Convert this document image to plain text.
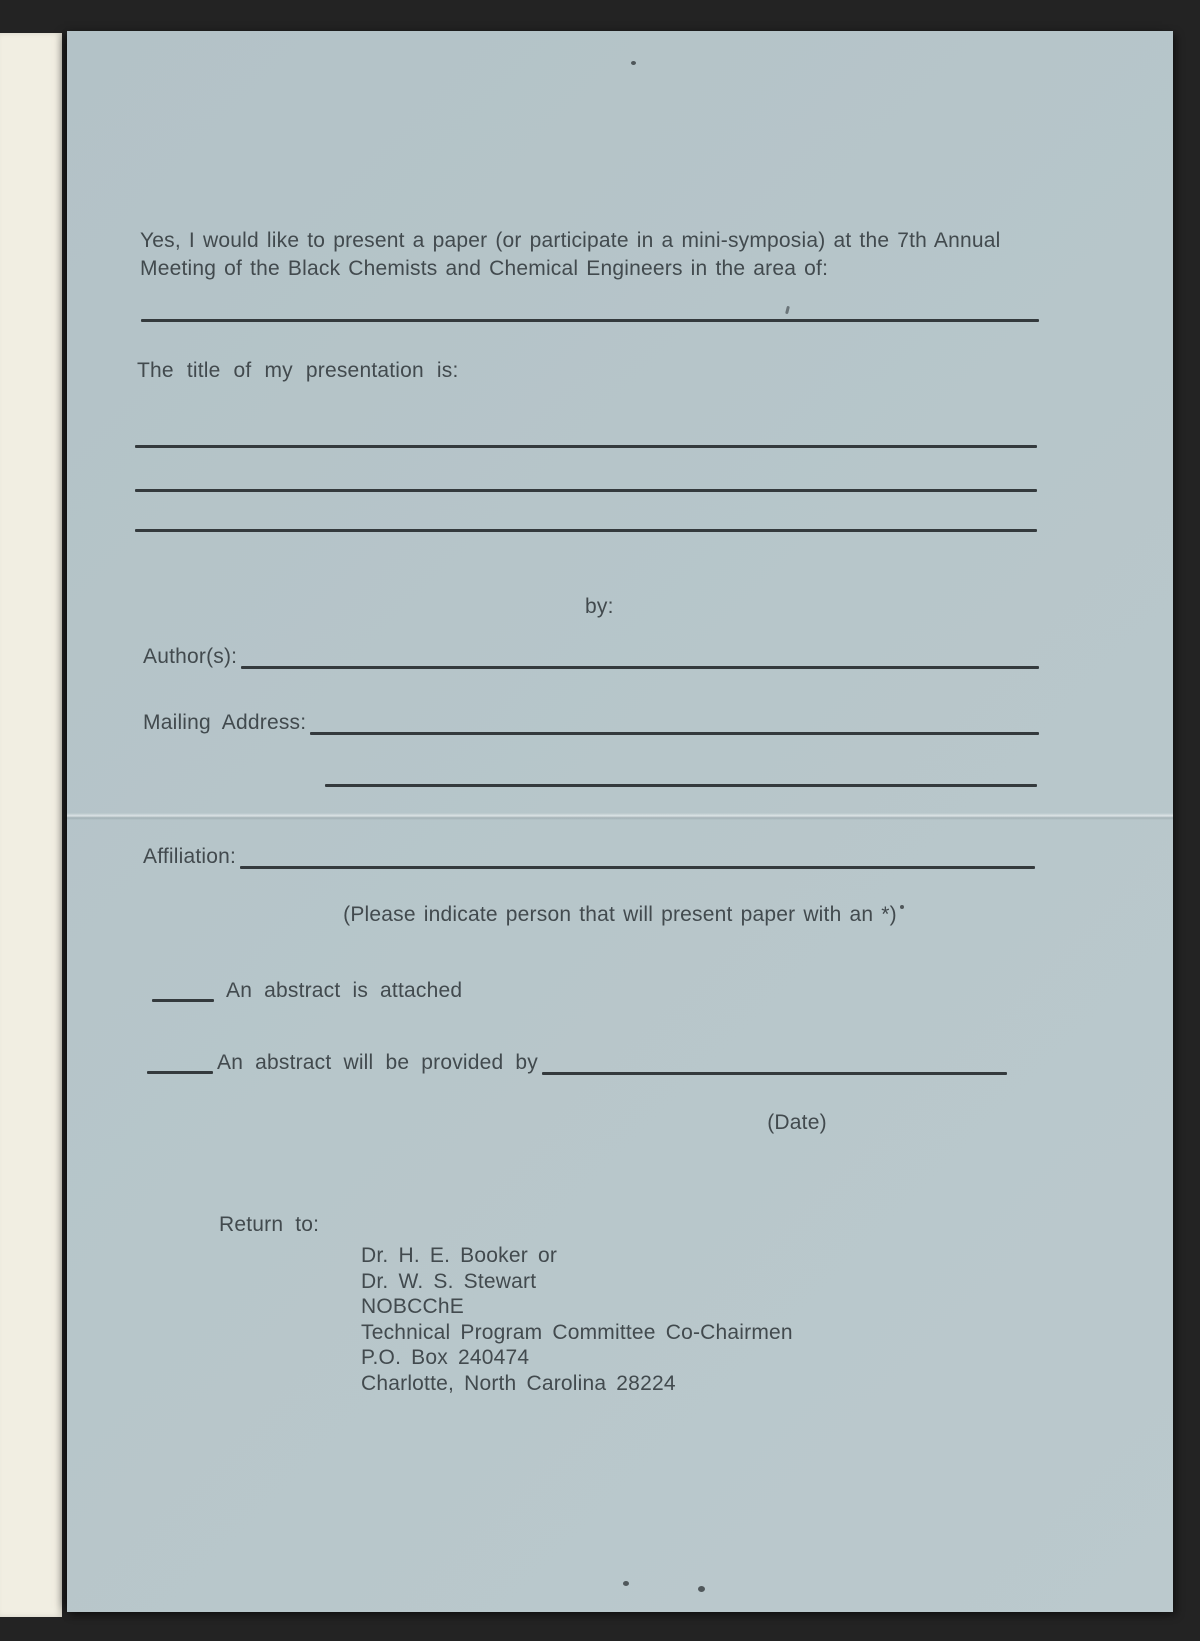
Yes, I would like to present a paper (or participate in a mini-symposia) at the 7th Annual Meeting of the Black Chemists and Chemical Engineers in the area of:
The title of my presentation is:
by:
Author(s):
Mailing Address:
Affiliation:
(Please indicate person that will present paper with an *)
An abstract is attached
An abstract will be provided by
(Date)
Return to:
Dr. H. E. Booker or
Dr. W. S. Stewart
NOBCChE
Technical Program Committee Co-Chairmen
P.O. Box 240474
Charlotte, North Carolina 28224
